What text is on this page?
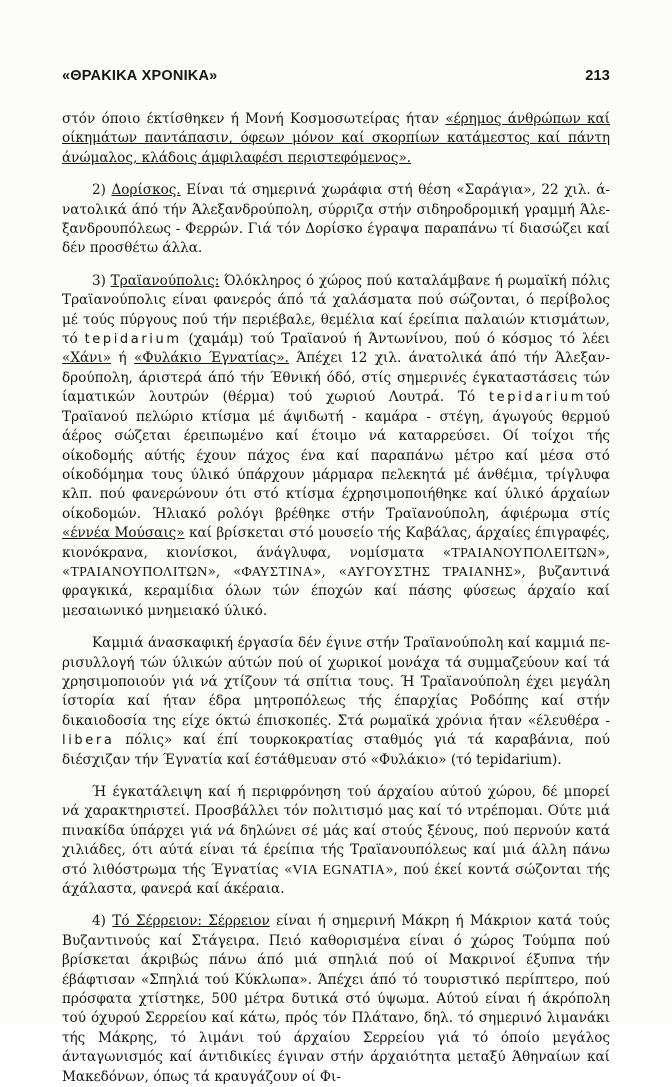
«ΘΡΑΚΙΚΑ ΧΡΟΝΙΚΑ»	213

στόν όποιο έκτίσθηκεν ή Μονή Κοσμοσωτείρας ήταν «έρημος άνθρώπων καί οίκημάτων παντάπασιν, όφεων μόνον καί σκορπίων κατάμεστος καί πάντη άνώμαλος, κλάδοις άμφιλαφέσι περιστεφόμενος».

2) Δορίσκος. Είναι τά σημερινά χωράφια στή θέση «Σαράγια», 22 χιλ. άνατολικά άπό τήν Άλεξανδρούπολη, σύρριζα στήν σιδηροδρομική γραμμή Άλεξανδρουπόλεως - Φερρών. Γιά τόν Δορίσκο έγραψα παραπάνω τί διασώζει καί δέν προσθέτω άλλα.

3) Τραϊανούπολις: Όλόκληρος ό χώρος πού καταλάμβανε ή ρωμαϊκή πόλις Τραϊανούπολις είναι φανερός άπό τά χαλάσματα πού σώζονται, ό περίβολος μέ τούς πύργους πού τήν περιέβαλε, θεμέλια καί έρείπια παλαιών κτισμάτων, τό tepidarium (χαμάμ) τού Τραϊανού ή Άντωνίνου, πού ό κόσμος τό λέει «Χάνι» ή «Φυλάκιο Έγνατίας». Άπέχει 12 χιλ. άνατολικά άπό τήν Άλεξανδρούπολη, άριστερά άπό τήν Έθνική όδό, στίς σημερινές έγκαταστάσεις τών ίαματικών λουτρών (θέρμα) τού χωριού Λουτρά. Τό tepidariumτού Τραϊανού πελώριο κτίσμα μέ άψιδωτή - καμάρα - στέγη, άγωγούς θερμού άέρος σώζεται έρειπωμένο καί έτοιμο νά καταρρεύσει. Οί τοίχοι τής οίκοδομής αύτής έχουν πάχος ένα καί παραπάνω μέτρο καί μέσα στό οίκοδόμημα τους ύλικό ύπάρχουν μάρμαρα πελεκητά μέ άνθέμια, τρίγλυφα κλπ. πού φανερώνουν ότι στό κτίσμα έχρησιμοποιήθηκε καί ύλικό άρχαίων οίκοδομών. Ήλιακό ρολόγι βρέθηκε στήν Τραϊανούπολη, άφιέρωμα στίς «έννέα Μούσαις» καί βρίσκεται στό μουσείο τής Καβάλας, άρχαίες έπιγραφές, κιονόκρανα, κιονίσκοι, άνάγλυφα, νομίσματα «ΤΡΑΙΑΝΟΥΠΟΛΕΙΤΩΝ», «ΤΡΑΙΑΝΟΥΠΟΛΙΤΩΝ», «ΦΑΥΣΤΙΝΑ», «ΑΥΓΟΥΣΤΗΣ ΤΡΑΙΑΝΗΣ», βυζαντινά φραγκικά, κεραμίδια όλων τών έποχών καί πάσης φύσεως άρχαίο καί μεσαιωνικό μνημειακό ύλικό.

Καμμιά άνασκαφική έργασία δέν έγινε στήν Τραϊανούπολη καί καμμιά περισυλλογή τών ύλικών αύτών πού οί χωρικοί μονάχα τά συμμαζεύουν καί τά χρησιμοποιούν γιά νά χτίζουν τά σπίτια τους. Ή Τραϊανούπολη έχει μεγάλη ίστορία καί ήταν έδρα μητροπόλεως τής έπαρχίας Ροδόπης καί στήν δικαιοδοσία της είχε όκτώ έπισκοπές. Στά ρωμαϊκά χρόνια ήταν «έλευθέρα - libera πόλις» καί έπί τουρκοκρατίας σταθμός γιά τά καραβάνια, πού διέσχιζαν τήν Έγνατία καί έστάθμευαν στό «Φυλάκιο» (τό tepidarium).

Ή έγκατάλειψη καί ή περιφρόνηση τού άρχαίου αύτού χώρου, δέ μπορεί νά χαρακτηριστεί. Προσβάλλει τόν πολιτισμό μας καί τό ντρέπομαι. Ούτε μιά πινακίδα ύπάρχει γιά νά δηλώνει σέ μάς καί στούς ξένους, πού περνούν κατά χιλιάδες, ότι αύτά είναι τά έρείπια τής Τραϊανουπόλεως καί μιά άλλη πάνω στό λιθόστρωμα τής Έγνατίας «VIA EGNATIA», πού έκεί κοντά σώζονται τής άχάλαστα, φανερά καί άκέραια.

4) Τό Σέρρειον: Σέρρειον είναι ή σημερινή Μάκρη ή Μάκριον κατά τούς Βυζαντινούς καί Στάγειρα. Πειό καθορισμένα είναι ό χώρος Τούμπα πού βρίσκεται άκριβώς πάνω άπό μιά σπηλιά πού οί Μακρινοί έξυπνα τήν έβάφτισαν «Σπηλιά τού Κύκλωπα». Άπέχει άπό τό τουριστικό περίπτερο, πού πρόσφατα χτίστηκε, 500 μέτρα δυτικά στό ύψωμα. Αύτού είναι ή άκρόπολη τού όχυρού Σερρείου καί κάτω, πρός τόν Πλάτανο, δηλ. τό σημερινό λιμανάκι τής Μάκρης, τό λιμάνι τού άρχαίου Σερρείου γιά τό όποίο μεγάλος άνταγωνισμός καί άντιδικίες έγιναν στήν άρχαιότητα μεταξύ Άθηναίων καί Μακεδόνων, όπως τά κραυγάζουν οί Φι-
